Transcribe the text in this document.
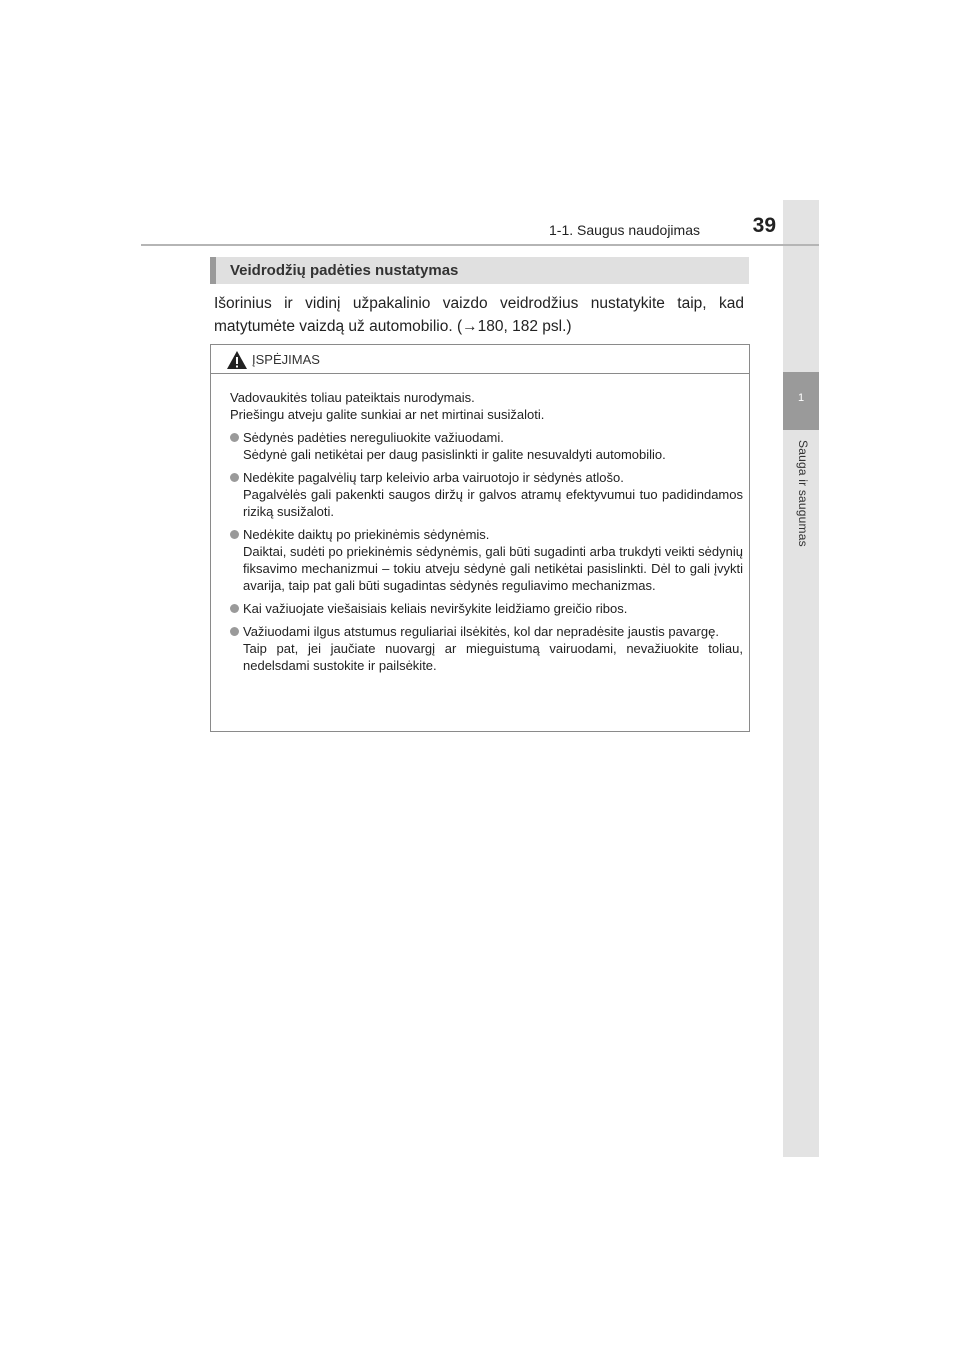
1
Sauga ir saugumas
1-1. Saugus naudojimas	39
Veidrodžių padėties nustatymas
Išorinius ir vidinį užpakalinio vaizdo veidrodžius nustatykite taip, kad matytumėte vaizdą už automobilio. (→180, 182 psl.)
ĮSPĖJIMAS

Vadovaukitės toliau pateiktais nurodymais.

Priešingu atveju galite sunkiai ar net mirtinai susižaloti.

Sėdynės padėties nereguliuokite važiuodami.

Sėdynė gali netikėtai per daug pasislinkti ir galite nesuvaldyti automobilio.

Nedėkite pagalvėlių tarp keleivio arba vairuotojo ir sėdynės atlošo.

Pagalvėlės gali pakenkti saugos diržų ir galvos atramų efektyvumui tuo padidindamos riziką susižaloti.

Nedėkite daiktų po priekinėmis sėdynėmis.

Daiktai, sudėti po priekinėmis sėdynėmis, gali būti sugadinti arba trukdyti veikti sėdynių fiksavimo mechanizmui – tokiu atveju sėdynė gali netikėtai pasislinkti. Dėl to gali įvykti avarija, taip pat gali būti sugadintas sėdynės reguliavimo mechanizmas.

Kai važiuojate viešaisiais keliais neviršykite leidžiamo greičio ribos.

Važiuodami ilgus atstumus reguliariai ilsėkitės, kol dar nepradėsite jaustis pavargę.

Taip pat, jei jaučiate nuovargį ar mieguistumą vairuodami, nevažiuokite toliau, nedelsdami sustokite ir pailsėkite.
